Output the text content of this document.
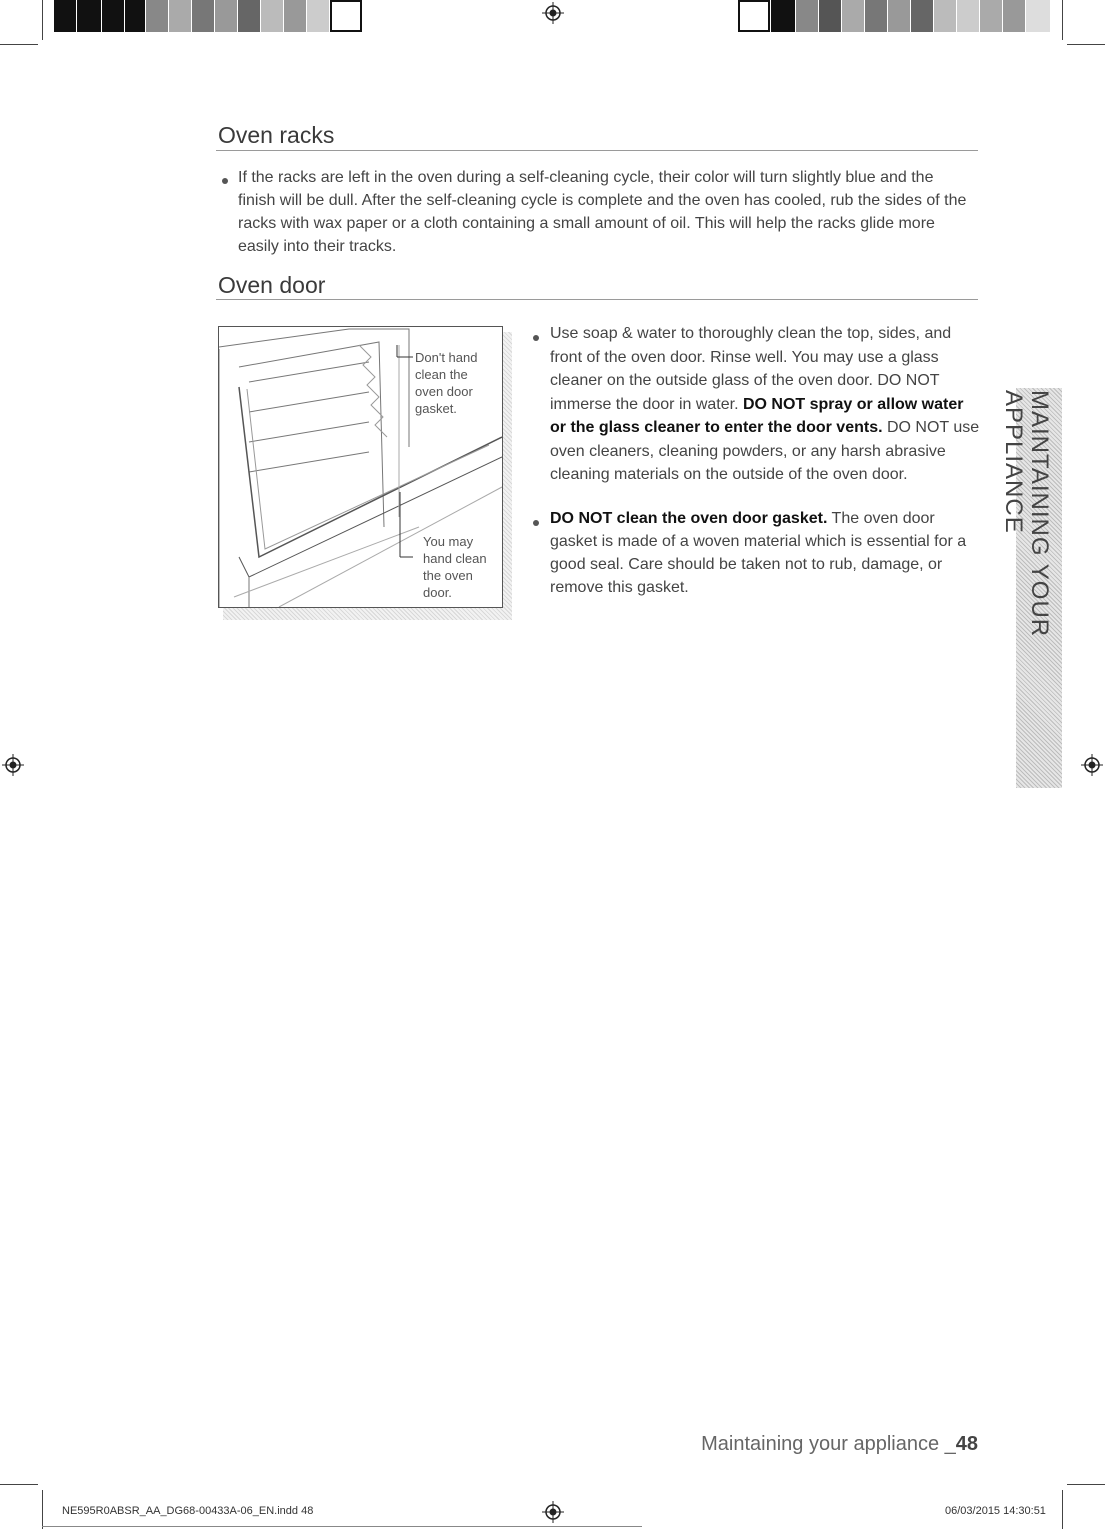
Oven racks

If the racks are left in the oven during a self-cleaning cycle, their color will turn slightly blue and the finish will be dull. After the self-cleaning cycle is complete and the oven has cooled, rub the sides of the racks with wax paper or a cloth containing a small amount of oil. This will help the racks glide more easily into their tracks.

Oven door
Don't hand clean the oven door gasket.
You may hand clean the oven door.

Use soap & water to thoroughly clean the top, sides, and front of the oven door. Rinse well. You may use a glass cleaner on the outside glass of the oven door. DO NOT immerse the door in water. DO NOT spray or allow water or the glass cleaner to enter the door vents. DO NOT use oven cleaners, cleaning powders, or any harsh abrasive cleaning materials on the outside of the oven door.

DO NOT clean the oven door gasket. The oven door gasket is made of a woven material which is essential for a good seal. Care should be taken not to rub, damage, or remove this gasket.	MAINTAINING YOUR APPLIANCE
Maintaining your appliance _48
NE595R0ABSR_AA_DG68-00433A-06_EN.indd 48	06/03/2015 14:30:51
